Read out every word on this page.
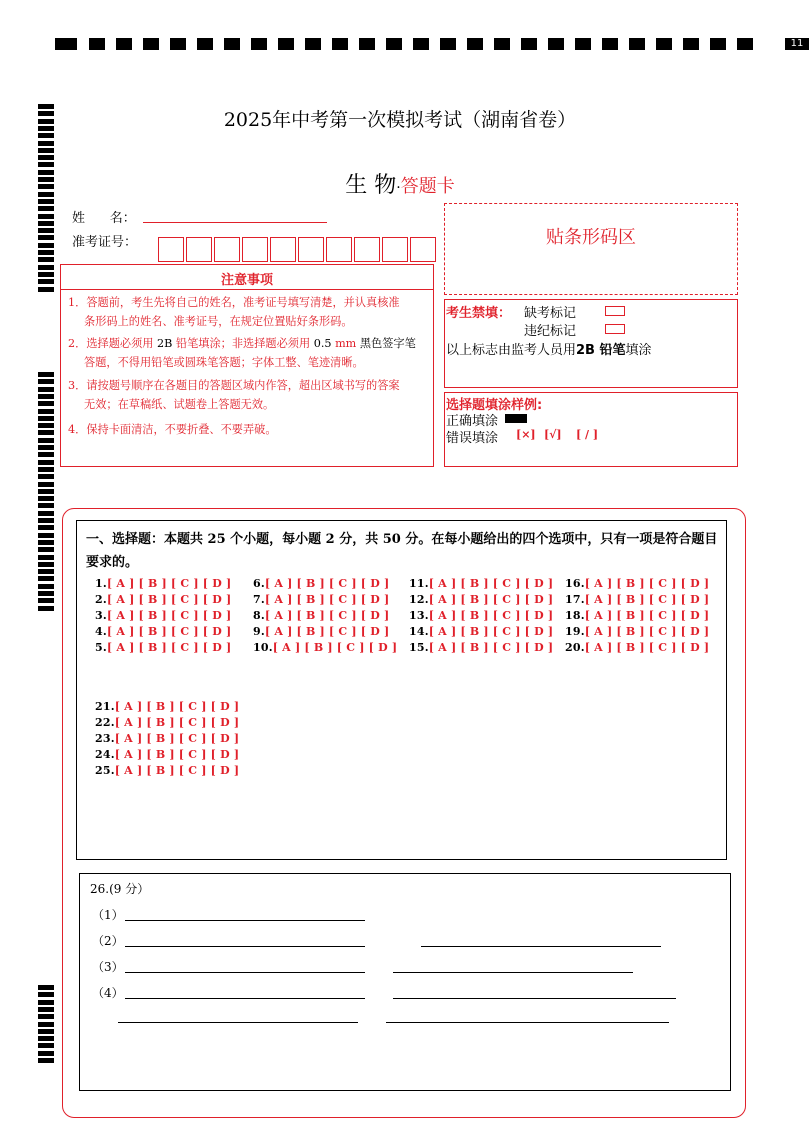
11
2025年中考第一次模拟考试（湖南省卷）
生 物·答题卡
姓      名：
准考证号：	贴条形码区
注意事项
1．答题前，考生先将自己的姓名，准考证号填写清楚，并认真核准
条形码上的姓名、准考证号，在规定位置贴好条形码。
2．选择题必须用 2B 铅笔填涂；非选择题必须用 0.5 mm 黑色签字笔
答题，不得用铅笔或圆珠笔答题；字体工整、笔迹清晰。
3．请按题号顺序在各题目的答题区域内作答，超出区域书写的答案
无效；在草稿纸、试题卷上答题无效。
4．保持卡面清洁，不要折叠、不要弄破。
考生禁填： 缺考标记
违纪标记
以上标志由监考人员用2B 铅笔填涂
选择题填涂样例:
正确填涂
错误填涂 [×] [√] [ / ]
一、选择题：本题共 25 个小题，每小题 2 分，共 50 分。在每小题给出的四个选项中，只有一项是符合题目要求的。
1.[ A ] [ B ] [ C ] [ D ]
2.[ A ] [ B ] [ C ] [ D ]
3.[ A ] [ B ] [ C ] [ D ]
4.[ A ] [ B ] [ C ] [ D ]
5.[ A ] [ B ] [ C ] [ D ]
6.[ A ] [ B ] [ C ] [ D ]
7.[ A ] [ B ] [ C ] [ D ]
8.[ A ] [ B ] [ C ] [ D ]
9.[ A ] [ B ] [ C ] [ D ]
10.[ A ] [ B ] [ C ] [ D ]
11.[ A ] [ B ] [ C ] [ D ]
12.[ A ] [ B ] [ C ] [ D ]
13.[ A ] [ B ] [ C ] [ D ]
14.[ A ] [ B ] [ C ] [ D ]
15.[ A ] [ B ] [ C ] [ D ]
16.[ A ] [ B ] [ C ] [ D ]
17.[ A ] [ B ] [ C ] [ D ]
18.[ A ] [ B ] [ C ] [ D ]
19.[ A ] [ B ] [ C ] [ D ]
20.[ A ] [ B ] [ C ] [ D ]
21.[ A ] [ B ] [ C ] [ D ]
22.[ A ] [ B ] [ C ] [ D ]
23.[ A ] [ B ] [ C ] [ D ]
24.[ A ] [ B ] [ C ] [ D ]
25.[ A ] [ B ] [ C ] [ D ]
26.(9 分）
（1）
（2）
（3）
（4）
